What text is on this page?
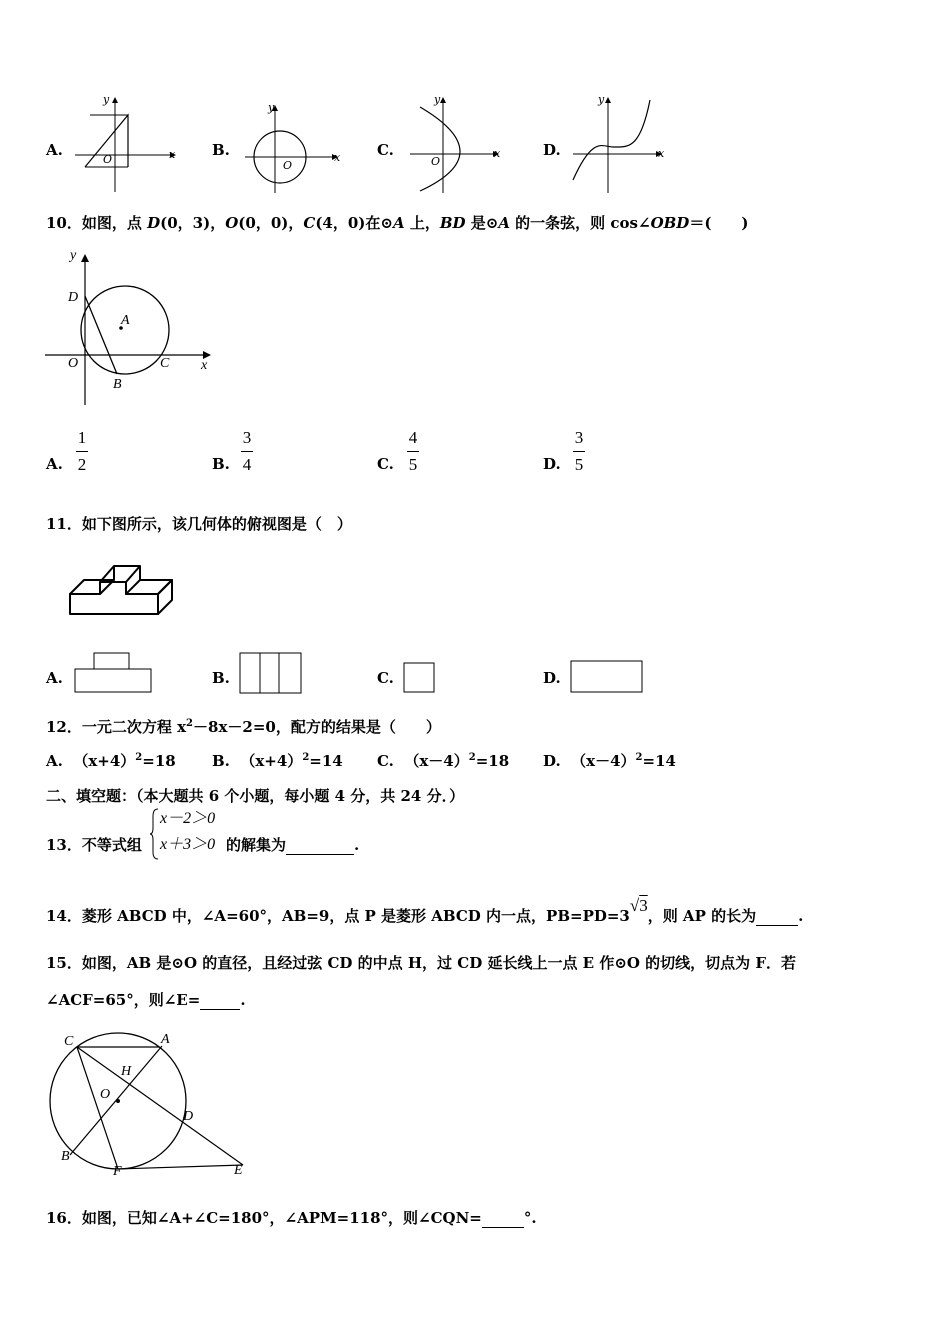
A.
y
x
O
B.
y
x
O
C.
y
x
O
D.
y
x
10．如图，点 D(0，3)，O(0，0)，C(4，0)在⊙A 上，BD 是⊙A 的一条弦，则 cos∠OBD＝(　　)
y
x
D
A
O	C
B
A.
1
2	B.
3
4	C.
4
5	D.
3
5
11．如下图所示，该几何体的俯视图是（　）
A.	B.	C.	D.
12．一元二次方程 $x^2-8x-2=0$，配方的结果是（　　）
A. $(x+4)^2=18$ B. $(x+4)^2=14$ C. $(x-4)^2=18$ D. $(x-4)^2=14$
二、填空题：（本大题共 6 个小题，每小题 4 分，共 24 分．）
13．不等式组
x－2＞0
x＋3＞0 的解集为	.
14．菱形 ABCD 中，∠A=60°，AB=9，点 P 是菱形 ABCD 内一点，PB=PD=3√3，则 AP 的长为	.
15．如图，AB 是⊙O 的直径，且经过弦 CD 的中点 H，过 CD 延长线上一点 E 作⊙O 的切线，切点为 F．若
∠ACF=65°，则∠E=	.
C	A
H
O
D
B
F	E
16．如图，已知∠A+∠C=180°，∠APM=118°，则∠CQN=	°.
